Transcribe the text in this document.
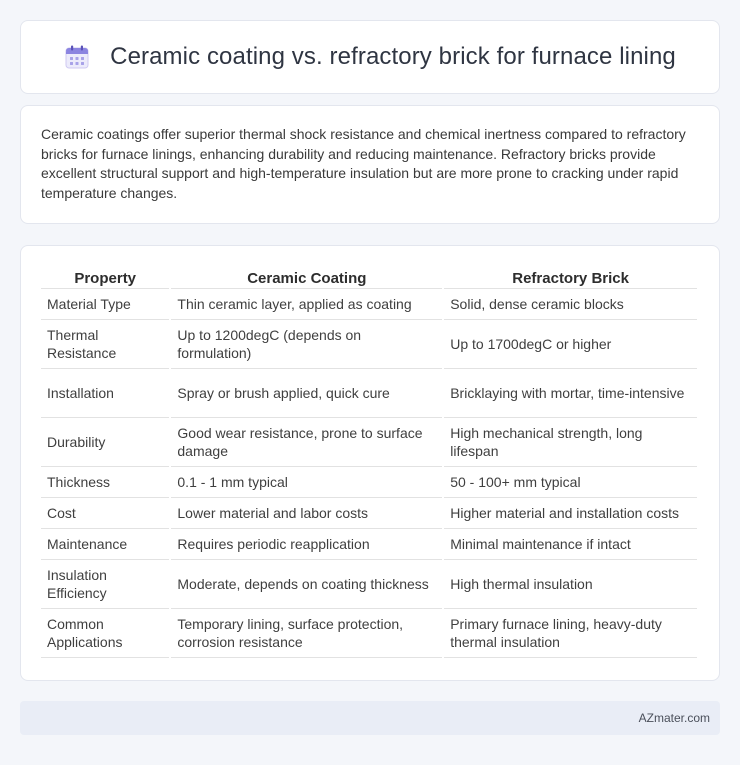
Ceramic coating vs. refractory brick for furnace lining

Ceramic coatings offer superior thermal shock resistance and chemical inertness compared to refractory bricks for furnace linings, enhancing durability and reducing maintenance. Refractory bricks provide excellent structural support and high-temperature insulation but are more prone to cracking under rapid temperature changes.

Property	Ceramic Coating	Refractory Brick
Material Type	Thin ceramic layer, applied as coating	Solid, dense ceramic blocks
Thermal Resistance	Up to 1200degC (depends on formulation)	Up to 1700degC or higher
Installation	Spray or brush applied, quick cure	Bricklaying with mortar, time-intensive
Durability	Good wear resistance, prone to surface damage	High mechanical strength, long lifespan
Thickness	0.1 - 1 mm typical	50 - 100+ mm typical
Cost	Lower material and labor costs	Higher material and installation costs
Maintenance	Requires periodic reapplication	Minimal maintenance if intact
Insulation Efficiency	Moderate, depends on coating thickness	High thermal insulation
Common Applications	Temporary lining, surface protection, corrosion resistance	Primary furnace lining, heavy-duty thermal insulation
AZmater.com
